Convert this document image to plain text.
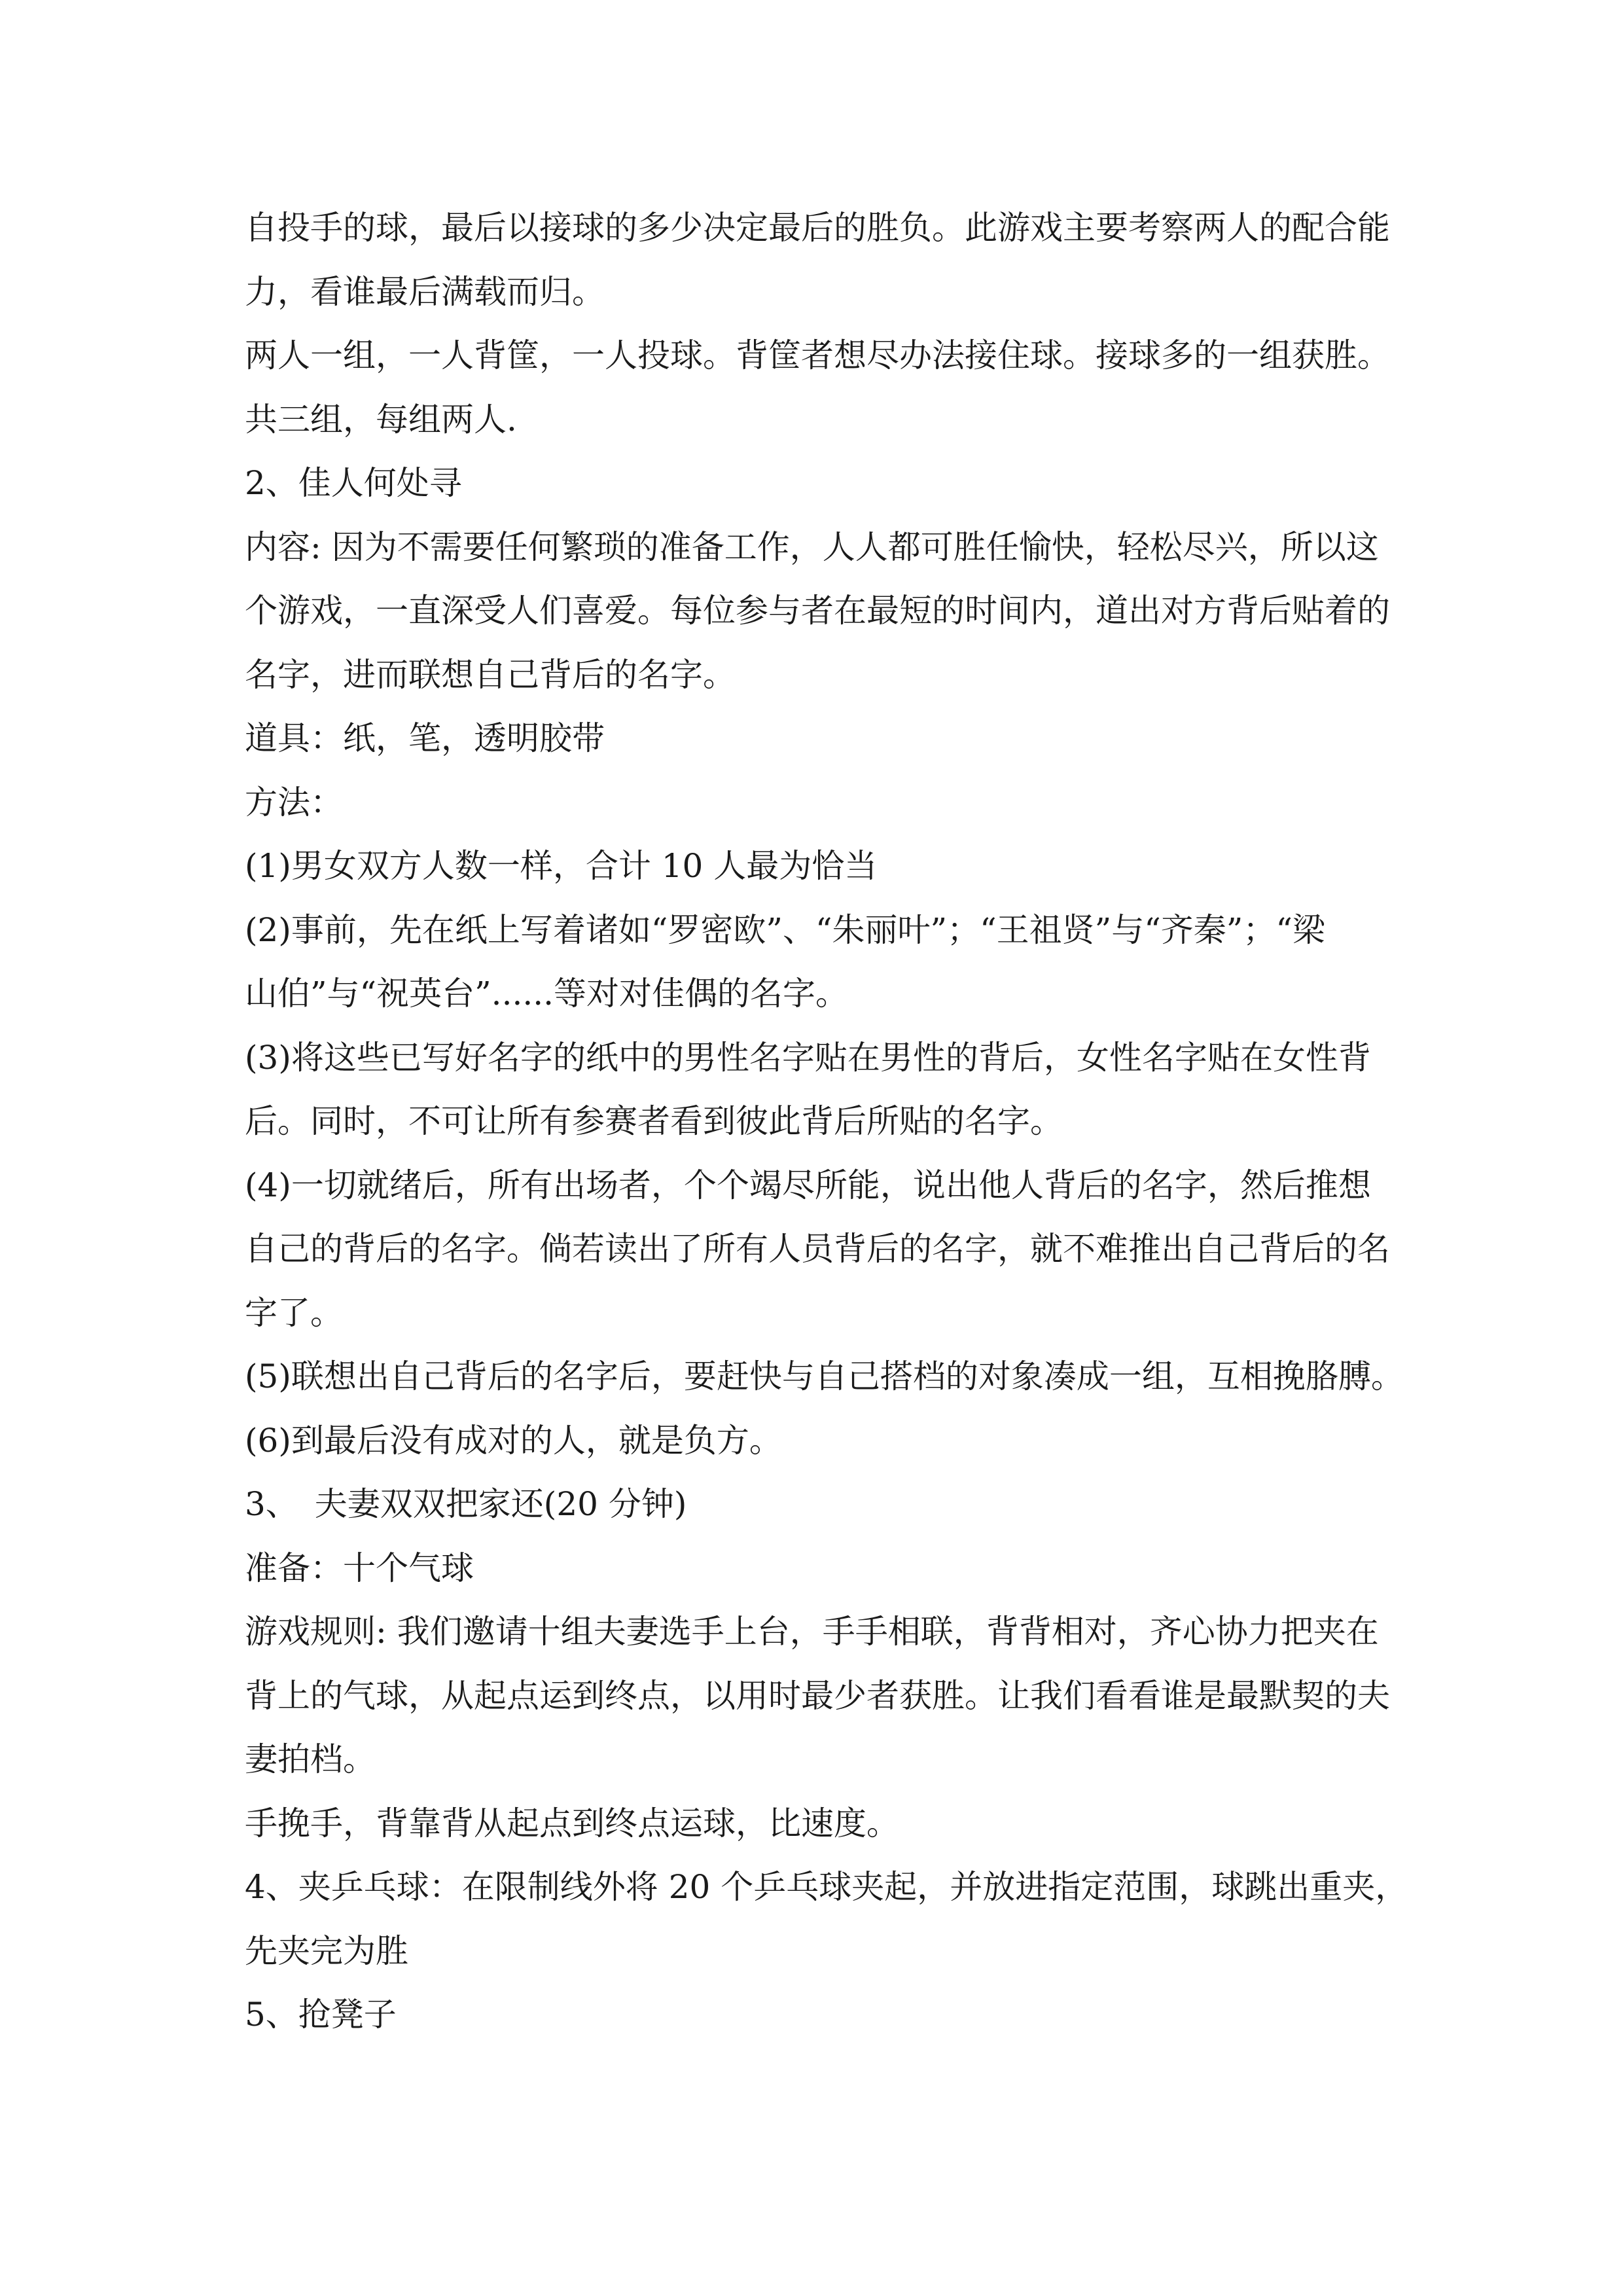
自投手的球，最后以接球的多少决定最后的胜负。此游戏主要考察两人的配合能
力，看谁最后满载而归。
两人一组，一人背筐，一人投球。背筐者想尽办法接住球。接球多的一组获胜。
共三组，每组两人.
2、佳人何处寻
内容: 因为不需要任何繁琐的准备工作，人人都可胜任愉快，轻松尽兴，所以这
个游戏，一直深受人们喜爱。每位参与者在最短的时间内，道出对方背后贴着的
名字，进而联想自己背后的名字。
道具：纸，笔，透明胶带
方法：
(1)男女双方人数一样，合计 10 人最为恰当
(2)事前，先在纸上写着诸如“罗密欧”、“朱丽叶”；“王祖贤”与“齐秦”；“梁
山伯”与“祝英台”......等对对佳偶的名字。
(3)将这些已写好名字的纸中的男性名字贴在男性的背后，女性名字贴在女性背
后。同时，不可让所有参赛者看到彼此背后所贴的名字。
(4)一切就绪后，所有出场者，个个竭尽所能，说出他人背后的名字，然后推想
自己的背后的名字。倘若读出了所有人员背后的名字，就不难推出自己背后的名
字了。
(5)联想出自己背后的名字后，要赶快与自己搭档的对象凑成一组，互相挽胳膊。
(6)到最后没有成对的人，就是负方。
3、　夫妻双双把家还(20 分钟)
准备：十个气球
游戏规则: 我们邀请十组夫妻选手上台，手手相联，背背相对，齐心协力把夹在
背上的气球，从起点运到终点，以用时最少者获胜。让我们看看谁是最默契的夫
妻拍档。
手挽手，背靠背从起点到终点运球，比速度。
4、夹乒乓球：在限制线外将 20 个乒乓球夹起，并放进指定范围，球跳出重夹，
先夹完为胜
5、抢凳子
